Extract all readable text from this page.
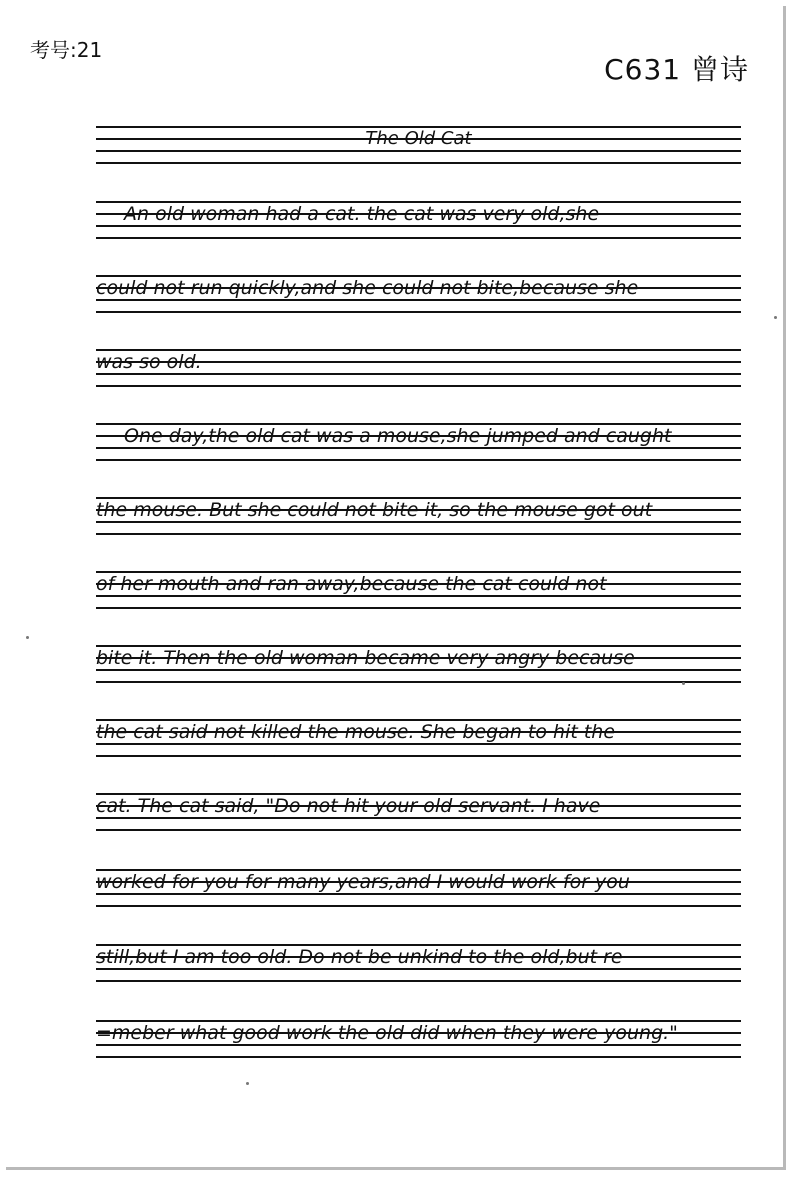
考号:21
C631 曾诗
The Old Cat
An old woman had a cat. the cat was very old,she
could not run quickly,and she could not bite,because she
was so old.
One day,the old cat was a mouse,she jumped and caught
the mouse. But she could not bite it, so the mouse got out
of her mouth and ran away,because the cat could not
bite it. Then the old woman became very angry because
the cat said not killed the mouse. She began to hit the
cat. The cat said, "Do not hit your old servant. I have
worked for you for many years,and I would work for you
still,but I am too old. Do not be unkind to the old,but re
=meber what good work the old did when they were young."
